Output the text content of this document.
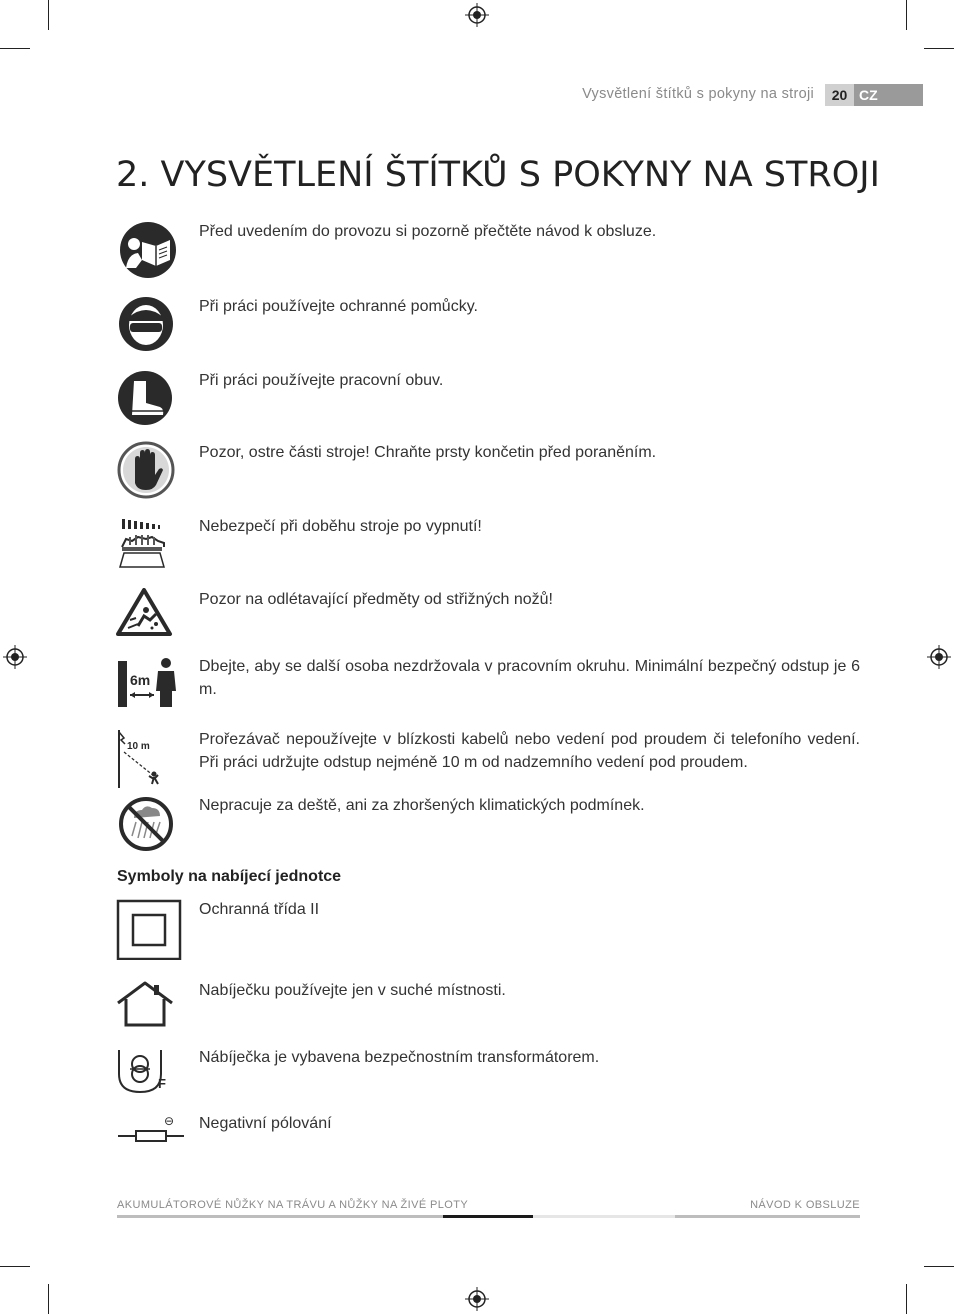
Vysvětlení štítků s pokyny na stroji	20 CZ
2. VYSVĚTLENÍ ŠTÍTKŮ S POKYNY NA STROJI
Před uvedením do provozu si pozorně přečtěte návod k obsluze.
Při práci používejte ochranné pomůcky.
Při práci používejte pracovní obuv.
Pozor, ostre části stroje! Chraňte prsty končetin před poraněním.
Nebezpečí při doběhu stroje po vypnutí!
Pozor na odlétavající předměty od střižných nožů!
6m
Dbejte, aby se další osoba nezdržovala v pracovním okruhu. Minimální bezpečný odstup je 6 m.
10 m	Prořezávač nepoužívejte v blízkosti kabelů nebo vedení pod proudem či telefoního vedení. Při práci udržujte odstup nejméně 10 m od nadzemního vedení pod proudem.
Nepracuje za deště, ani za zhoršených klimatických podmínek.
Symboly na nabíjecí jednotce
Ochranná třída II
Nabíječku používejte jen v suché místnosti.
F
Nábíječka je vybavena bezpečnostním transformátorem.
⊖ Negativní pólování
AKUMULÁTOROVÉ NŮŽKY NA TRÁVU A NŮŽKY NA ŽIVÉ PLOTY	NÁVOD K OBSLUZE
